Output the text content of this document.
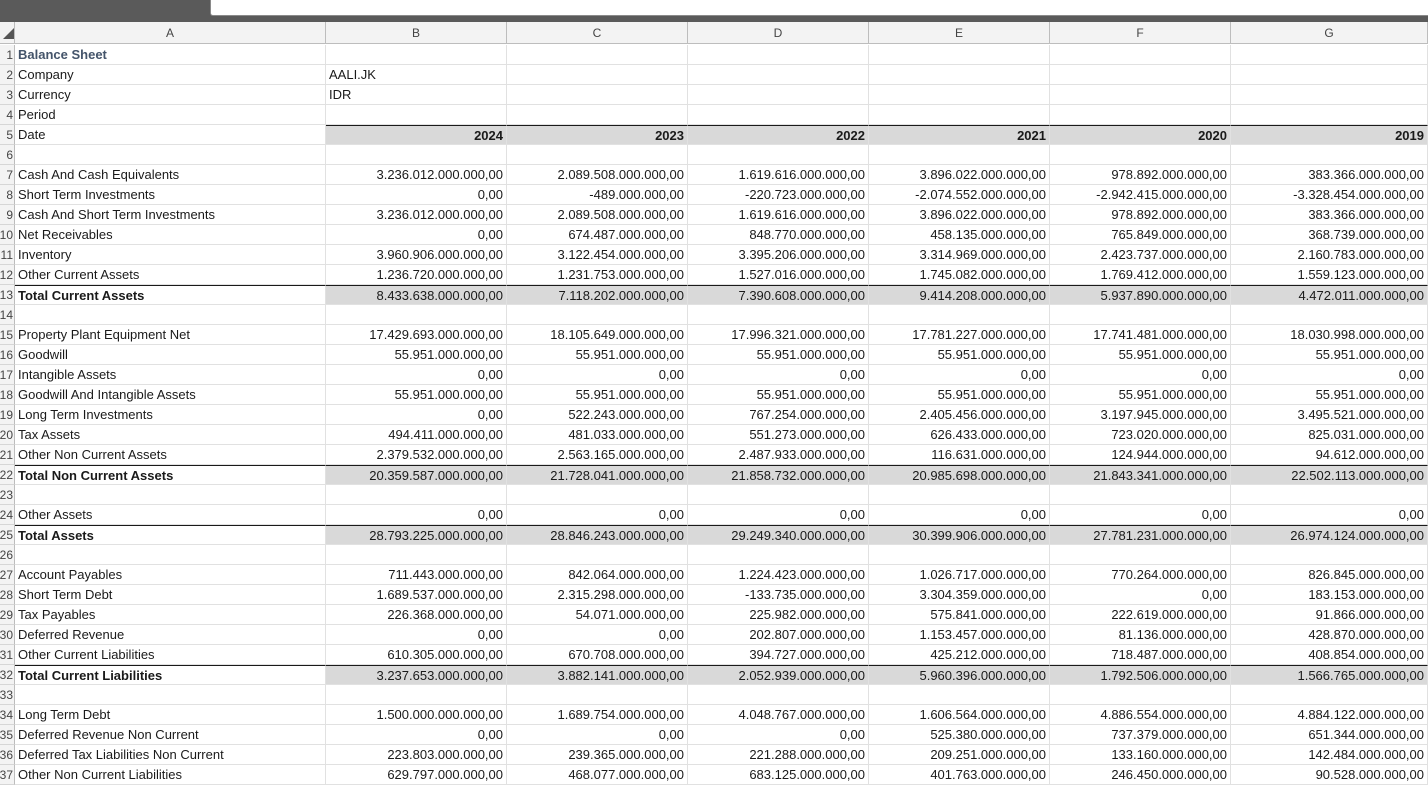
A	B	C	D	E	F	G
1 Balance Sheet
2 Company	AALI.JK
3 Currency	IDR
4 Period
5 Date	2024	2023	2022	2021	2020	2019
6
7 Cash And Cash Equivalents	3.236.012.000.000,00	2.089.508.000.000,00	1.619.616.000.000,00	3.896.022.000.000,00	978.892.000.000,00	383.366.000.000,00
8 Short Term Investments	0,00	-489.000.000,00	-220.723.000.000,00	-2.074.552.000.000,00	-2.942.415.000.000,00	-3.328.454.000.000,00
9 Cash And Short Term Investments	3.236.012.000.000,00	2.089.508.000.000,00	1.619.616.000.000,00	3.896.022.000.000,00	978.892.000.000,00	383.366.000.000,00
10 Net Receivables	0,00	674.487.000.000,00	848.770.000.000,00	458.135.000.000,00	765.849.000.000,00	368.739.000.000,00
11 Inventory	3.960.906.000.000,00	3.122.454.000.000,00	3.395.206.000.000,00	3.314.969.000.000,00	2.423.737.000.000,00	2.160.783.000.000,00
12 Other Current Assets	1.236.720.000.000,00	1.231.753.000.000,00	1.527.016.000.000,00	1.745.082.000.000,00	1.769.412.000.000,00	1.559.123.000.000,00
13 Total Current Assets	8.433.638.000.000,00	7.118.202.000.000,00	7.390.608.000.000,00	9.414.208.000.000,00	5.937.890.000.000,00	4.472.011.000.000,00
14
15 Property Plant Equipment Net	17.429.693.000.000,00	18.105.649.000.000,00	17.996.321.000.000,00	17.781.227.000.000,00	17.741.481.000.000,00	18.030.998.000.000,00
16 Goodwill	55.951.000.000,00	55.951.000.000,00	55.951.000.000,00	55.951.000.000,00	55.951.000.000,00	55.951.000.000,00
17 Intangible Assets	0,00	0,00	0,00	0,00	0,00	0,00
18 Goodwill And Intangible Assets	55.951.000.000,00	55.951.000.000,00	55.951.000.000,00	55.951.000.000,00	55.951.000.000,00	55.951.000.000,00
19 Long Term Investments	0,00	522.243.000.000,00	767.254.000.000,00	2.405.456.000.000,00	3.197.945.000.000,00	3.495.521.000.000,00
20 Tax Assets	494.411.000.000,00	481.033.000.000,00	551.273.000.000,00	626.433.000.000,00	723.020.000.000,00	825.031.000.000,00
21 Other Non Current Assets	2.379.532.000.000,00	2.563.165.000.000,00	2.487.933.000.000,00	116.631.000.000,00	124.944.000.000,00	94.612.000.000,00
22 Total Non Current Assets	20.359.587.000.000,00	21.728.041.000.000,00	21.858.732.000.000,00	20.985.698.000.000,00	21.843.341.000.000,00	22.502.113.000.000,00
23
24 Other Assets	0,00	0,00	0,00	0,00	0,00	0,00
25 Total Assets	28.793.225.000.000,00	28.846.243.000.000,00	29.249.340.000.000,00	30.399.906.000.000,00	27.781.231.000.000,00	26.974.124.000.000,00
26
27 Account Payables	711.443.000.000,00	842.064.000.000,00	1.224.423.000.000,00	1.026.717.000.000,00	770.264.000.000,00	826.845.000.000,00
28 Short Term Debt	1.689.537.000.000,00	2.315.298.000.000,00	-133.735.000.000,00	3.304.359.000.000,00	0,00	183.153.000.000,00
29 Tax Payables	226.368.000.000,00	54.071.000.000,00	225.982.000.000,00	575.841.000.000,00	222.619.000.000,00	91.866.000.000,00
30 Deferred Revenue	0,00	0,00	202.807.000.000,00	1.153.457.000.000,00	81.136.000.000,00	428.870.000.000,00
31 Other Current Liabilities	610.305.000.000,00	670.708.000.000,00	394.727.000.000,00	425.212.000.000,00	718.487.000.000,00	408.854.000.000,00
32 Total Current Liabilities	3.237.653.000.000,00	3.882.141.000.000,00	2.052.939.000.000,00	5.960.396.000.000,00	1.792.506.000.000,00	1.566.765.000.000,00
33
34 Long Term Debt	1.500.000.000.000,00	1.689.754.000.000,00	4.048.767.000.000,00	1.606.564.000.000,00	4.886.554.000.000,00	4.884.122.000.000,00
35 Deferred Revenue Non Current	0,00	0,00	0,00	525.380.000.000,00	737.379.000.000,00	651.344.000.000,00
36 Deferred Tax Liabilities Non Current	223.803.000.000,00	239.365.000.000,00	221.288.000.000,00	209.251.000.000,00	133.160.000.000,00	142.484.000.000,00
37 Other Non Current Liabilities	629.797.000.000,00	468.077.000.000,00	683.125.000.000,00	401.763.000.000,00	246.450.000.000,00	90.528.000.000,00
